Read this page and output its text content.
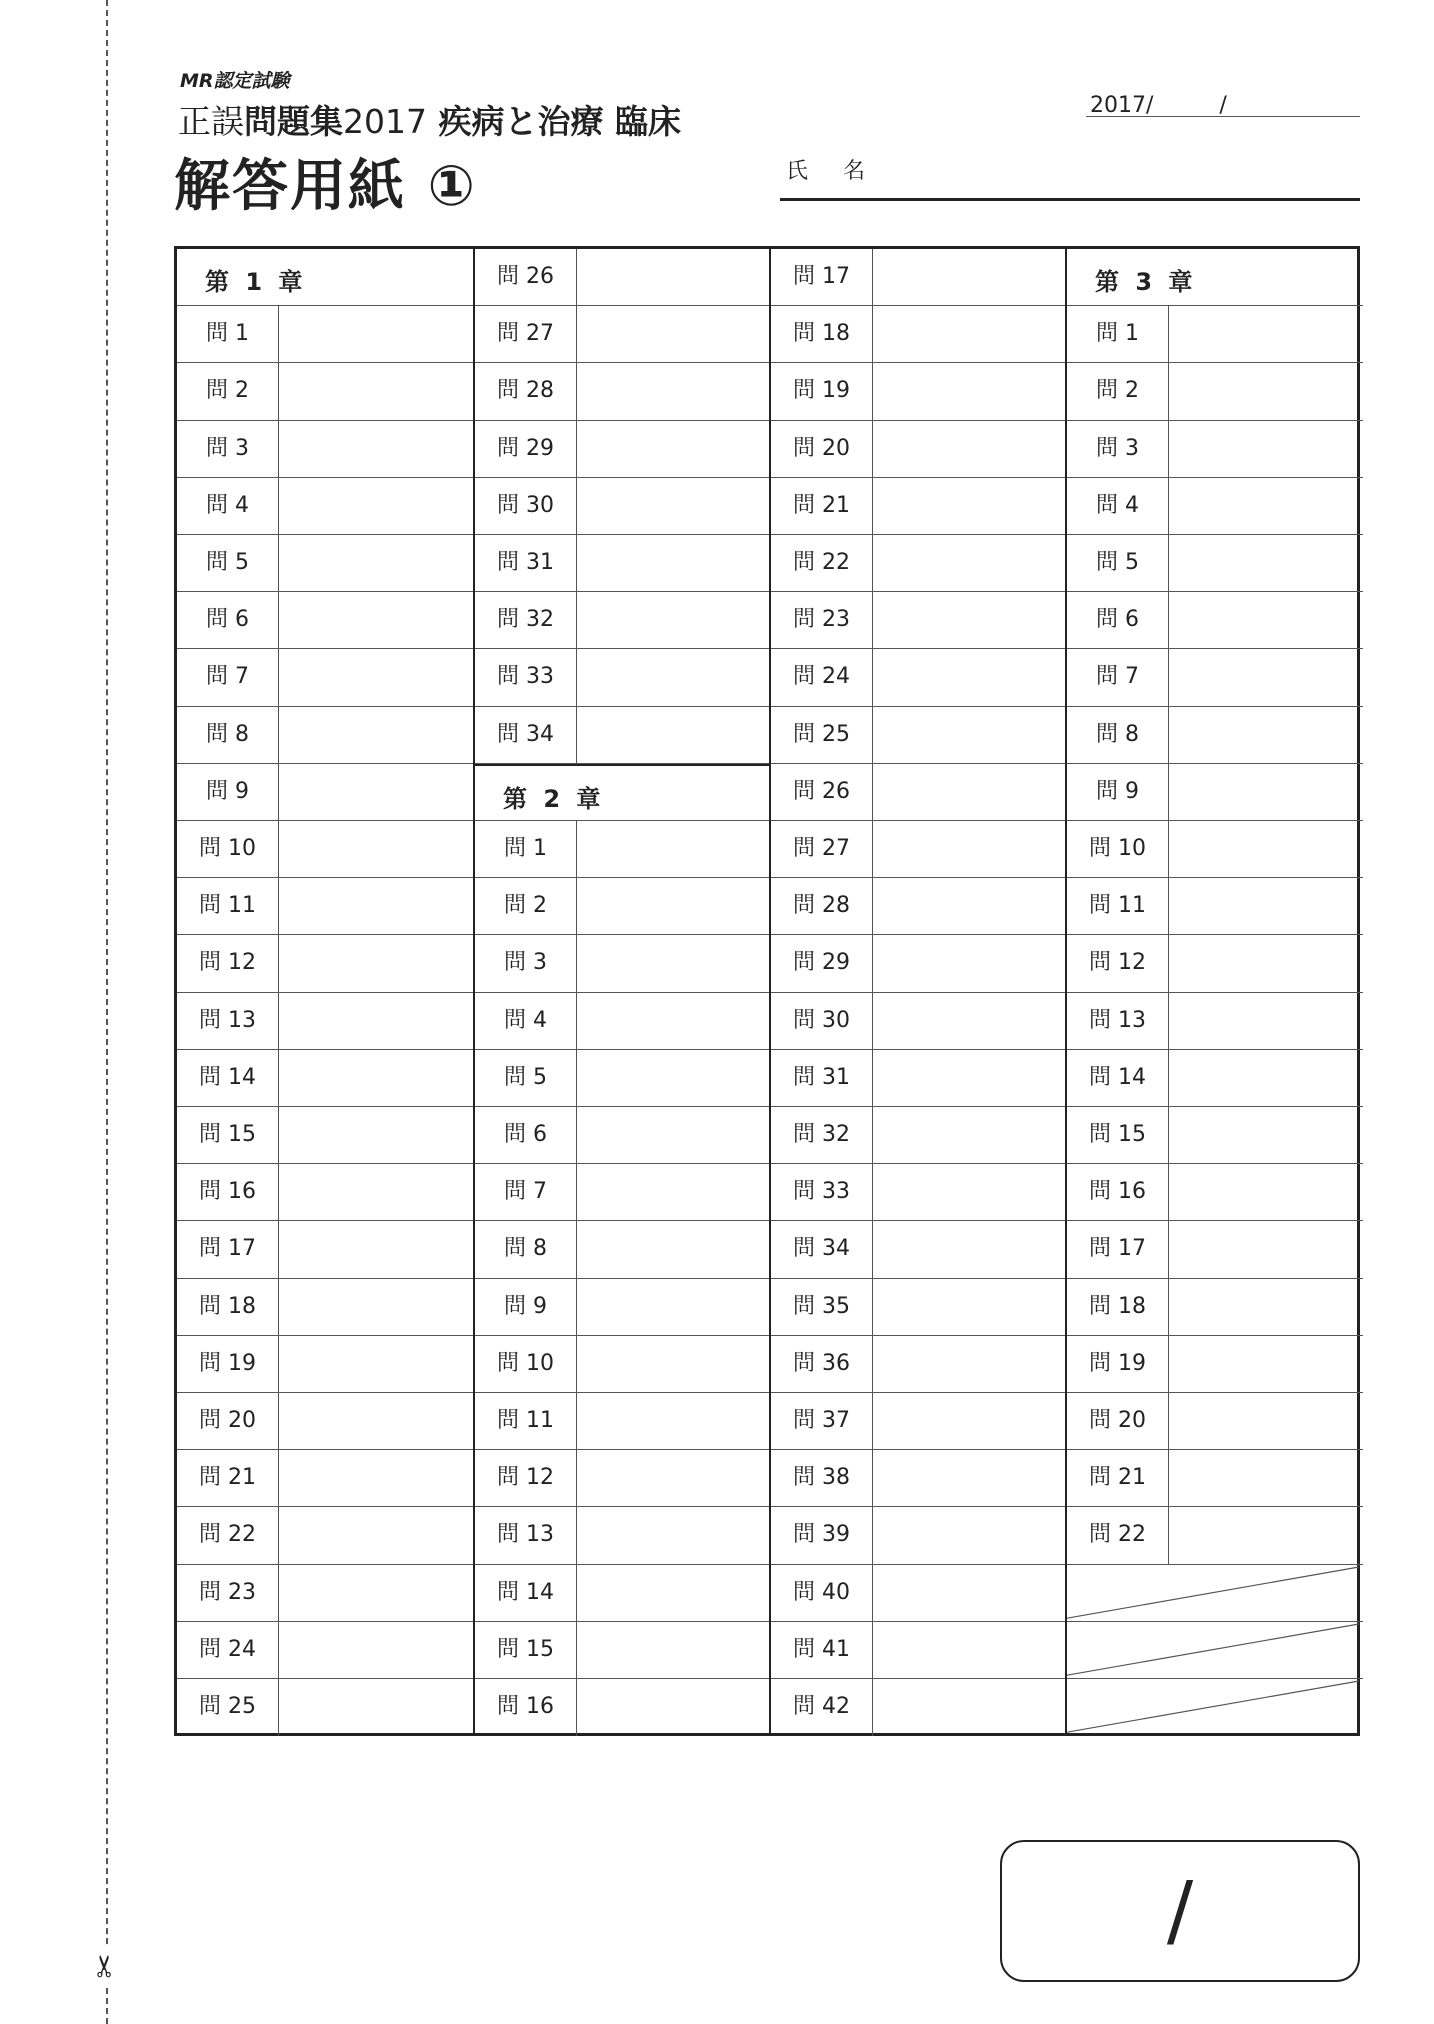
✂
MR認定試験
正誤問題集2017 疾病と治療 臨床
解答用紙 ①
2017/　　　/
氏 名
第 1 章
問 1
問 2
問 3
問 4
問 5
問 6
問 7
問 8
問 9
問 10
問 11
問 12
問 13
問 14
問 15
問 16
問 17
問 18
問 19
問 20
問 21
問 22
問 23
問 24
問 25
問 26
問 27
問 28
問 29
問 30
問 31
問 32
問 33
問 34
第 2 章
問 1
問 2
問 3
問 4
問 5
問 6
問 7
問 8
問 9
問 10
問 11
問 12
問 13
問 14
問 15
問 16
問 17
問 18
問 19
問 20
問 21
問 22
問 23
問 24
問 25
問 26
問 27
問 28
問 29
問 30
問 31
問 32
問 33
問 34
問 35
問 36
問 37
問 38
問 39
問 40
問 41
問 42
第 3 章
問 1
問 2
問 3
問 4
問 5
問 6
問 7
問 8
問 9
問 10
問 11
問 12
問 13
問 14
問 15
問 16
問 17
問 18
問 19
問 20
問 21
問 22
/
